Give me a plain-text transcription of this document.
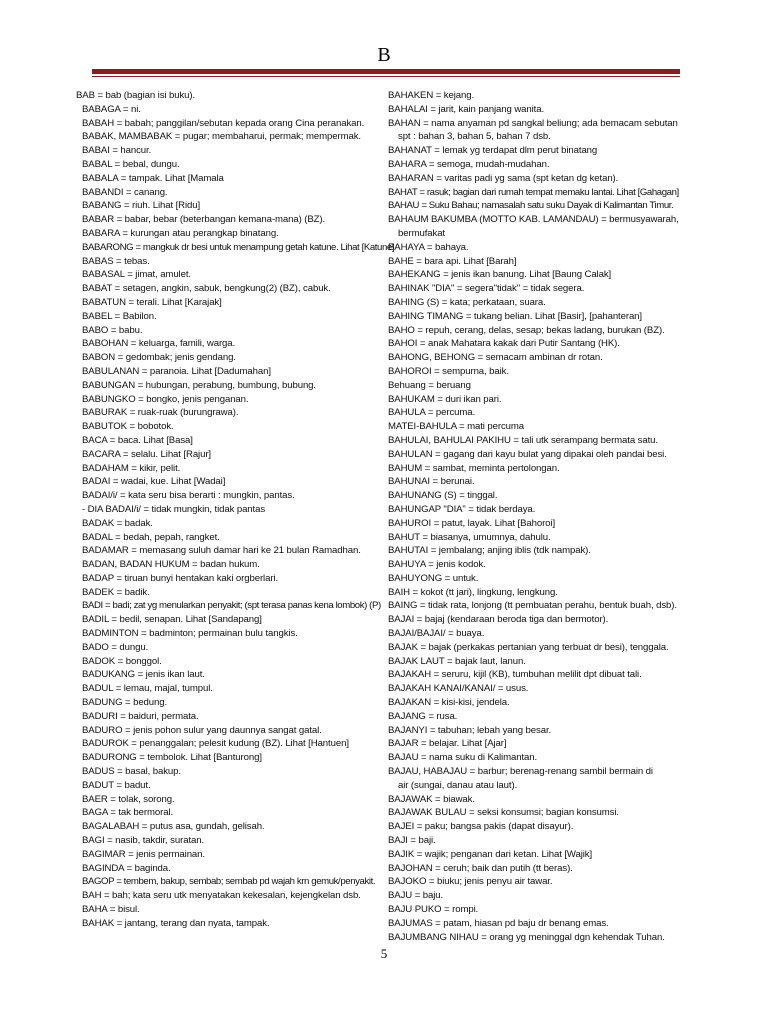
B
BAB = bab (bagian isi buku).
BABAGA = ni.
BABAH = babah; panggilan/sebutan kepada orang Cina peranakan.
BABAK, MAMBABAK = pugar; membaharui, permak; mempermak.
BABAI = hancur.
BABAL = bebal, dungu.
BABALA = tampak. Lihat [Mamala
BABANDI = canang.
BABANG = riuh. Lihat [Ridu]
BABAR = babar, bebar (beterbangan kemana-mana) (BZ).
BABARA = kurungan atau perangkap binatang.
BABARONG = mangkuk dr besi untuk menampung getah katune. Lihat [Katune]
BABAS = tebas.
BABASAL = jimat, amulet.
BABAT = setagen, angkin, sabuk, bengkung(2) (BZ), cabuk.
BABATUN = terali. Lihat [Karajak]
BABEL = Babilon.
BABO = babu.
BABOHAN = keluarga, famili, warga.
BABON = gedombak; jenis gendang.
BABULANAN = paranoia. Lihat [Dadumahan]
BABUNGAN = hubungan, perabung, bumbung, bubung.
BABUNGKO = bongko, jenis penganan.
BABURAK = ruak-ruak (burungrawa).
BABUTOK = bobotok.
BACA = baca. Lihat [Basa]
BACARA = selalu. Lihat [Rajur]
BADAHAM = kikir, pelit.
BADAI = wadai, kue. Lihat [Wadai]
BADAI/i/ = kata seru bisa berarti : mungkin, pantas.
- DIA BADAI/i/ = tidak mungkin, tidak pantas
BADAK = badak.
BADAL = bedah, pepah, rangket.
BADAMAR = memasang suluh damar hari ke 21 bulan Ramadhan.
BADAN, BADAN HUKUM = badan hukum.
BADAP = tiruan bunyi hentakan kaki orgberlari.
BADEK = badik.
BADI = badi; zat yg menularkan penyakit; (spt terasa panas kena lombok) (P)
BADIL = bedil, senapan. Lihat [Sandapang]
BADMINTON = badminton; permainan bulu tangkis.
BADO = dungu.
BADOK = bonggol.
BADUKANG = jenis ikan laut.
BADUL = lemau, majal, tumpul.
BADUNG = bedung.
BADURI = baiduri, permata.
BADURO = jenis pohon sulur yang daunnya sangat gatal.
BADUROK = penanggalan; pelesit kudung (BZ). Lihat [Hantuen]
BADURONG = tembolok. Lihat [Banturong]
BADUS = basal, bakup.
BADUT = badut.
BAER = tolak, sorong.
BAGA = tak bermoral.
BAGALABAH = putus asa, gundah, gelisah.
BAGI = nasib, takdir, suratan.
BAGIMAR = jenis permainan.
BAGINDA = baginda.
BAGOP = tembem, bakup, sembab; sembab pd wajah krn gemuk/penyakit.
BAH = bah; kata seru utk menyatakan kekesalan, kejengkelan dsb.
BAHA = bisul.
BAHAK = jantang, terang dan nyata, tampak.
BAHAKEN = kejang.
BAHALAI = jarit, kain panjang wanita.
BAHAN = nama anyaman pd sangkal beliung; ada bemacam sebutan
spt : bahan 3, bahan 5, bahan 7 dsb.
BAHANAT = lemak yg terdapat dlm perut binatang
BAHARA = semoga, mudah-mudahan.
BAHARAN = varitas padi yg sama (spt ketan dg ketan).
BAHAT = rasuk; bagian dari rumah tempat memaku lantai. Lihat [Gahagan]
BAHAU = Suku Bahau; namasalah satu suku Dayak di Kalimantan Timur.
BAHAUM BAKUMBA (MOTTO KAB. LAMANDAU) = bermusyawarah,
bermufakat
BAHAYA = bahaya.
BAHE = bara api. Lihat [Barah]
BAHEKANG = jenis ikan banung. Lihat [Baung Calak]
BAHINAK "DIA" = segera"tidak" = tidak segera.
BAHING (S) = kata; perkataan, suara.
BAHING TIMANG = tukang belian. Lihat [Basir], [pahanteran]
BAHO = repuh, cerang, delas, sesap; bekas ladang, burukan (BZ).
BAHOI = anak Mahatara kakak dari Putir Santang (HK).
BAHONG, BEHONG = semacam ambinan dr rotan.
BAHOROI = sempurna, baik.
Behuang = beruang
BAHUKAM = duri ikan pari.
BAHULA = percuma.
MATEI-BAHULA = mati percuma
BAHULAI, BAHULAI PAKIHU = tali utk serampang bermata satu.
BAHULAN = gagang dari kayu bulat yang dipakai oleh pandai besi.
BAHUM = sambat, meminta pertolongan.
BAHUNAI = berunai.
BAHUNANG (S) = tinggal.
BAHUNGAP "DIA" = tidak berdaya.
BAHUROI = patut, layak. Lihat [Bahoroi]
BAHUT = biasanya, umumnya, dahulu.
BAHUTAI = jembalang; anjing iblis (tdk nampak).
BAHUYA = jenis kodok.
BAHUYONG = untuk.
BAIH = kokot (tt jari), lingkung, lengkung.
BAING = tidak rata, lonjong (tt pembuatan perahu, bentuk buah, dsb).
BAJAI = bajaj (kendaraan beroda tiga dan bermotor).
BAJAI/BAJAI/ = buaya.
BAJAK = bajak (perkakas pertanian yang terbuat dr besi), tenggala.
BAJAK LAUT = bajak laut, lanun.
BAJAKAH = seruru, kijil (KB), tumbuhan melilit dpt dibuat tali.
BAJAKAH KANAI/KANAI/ = usus.
BAJAKAN = kisi-kisi, jendela.
BAJANG = rusa.
BAJANYI = tabuhan; lebah yang besar.
BAJAR = belajar. Lihat [Ajar]
BAJAU = nama suku di Kalimantan.
BAJAU, HABAJAU = barbur; berenag-renang sambil bermain di
air (sungai, danau atau laut).
BAJAWAK = biawak.
BAJAWAK BULAU = seksi konsumsi; bagian konsumsi.
BAJEI = paku; bangsa pakis (dapat disayur).
BAJI = baji.
BAJIK = wajik; penganan dari ketan. Lihat [Wajik]
BAJOHAN = ceruh; baik dan putih (tt beras).
BAJOKO = biuku; jenis penyu air tawar.
BAJU = baju.
BAJU PUKO = rompi.
BAJUMAS = patam, hiasan pd baju dr benang emas.
BAJUMBANG NIHAU = orang yg meninggal dgn kehendak Tuhan.
5
